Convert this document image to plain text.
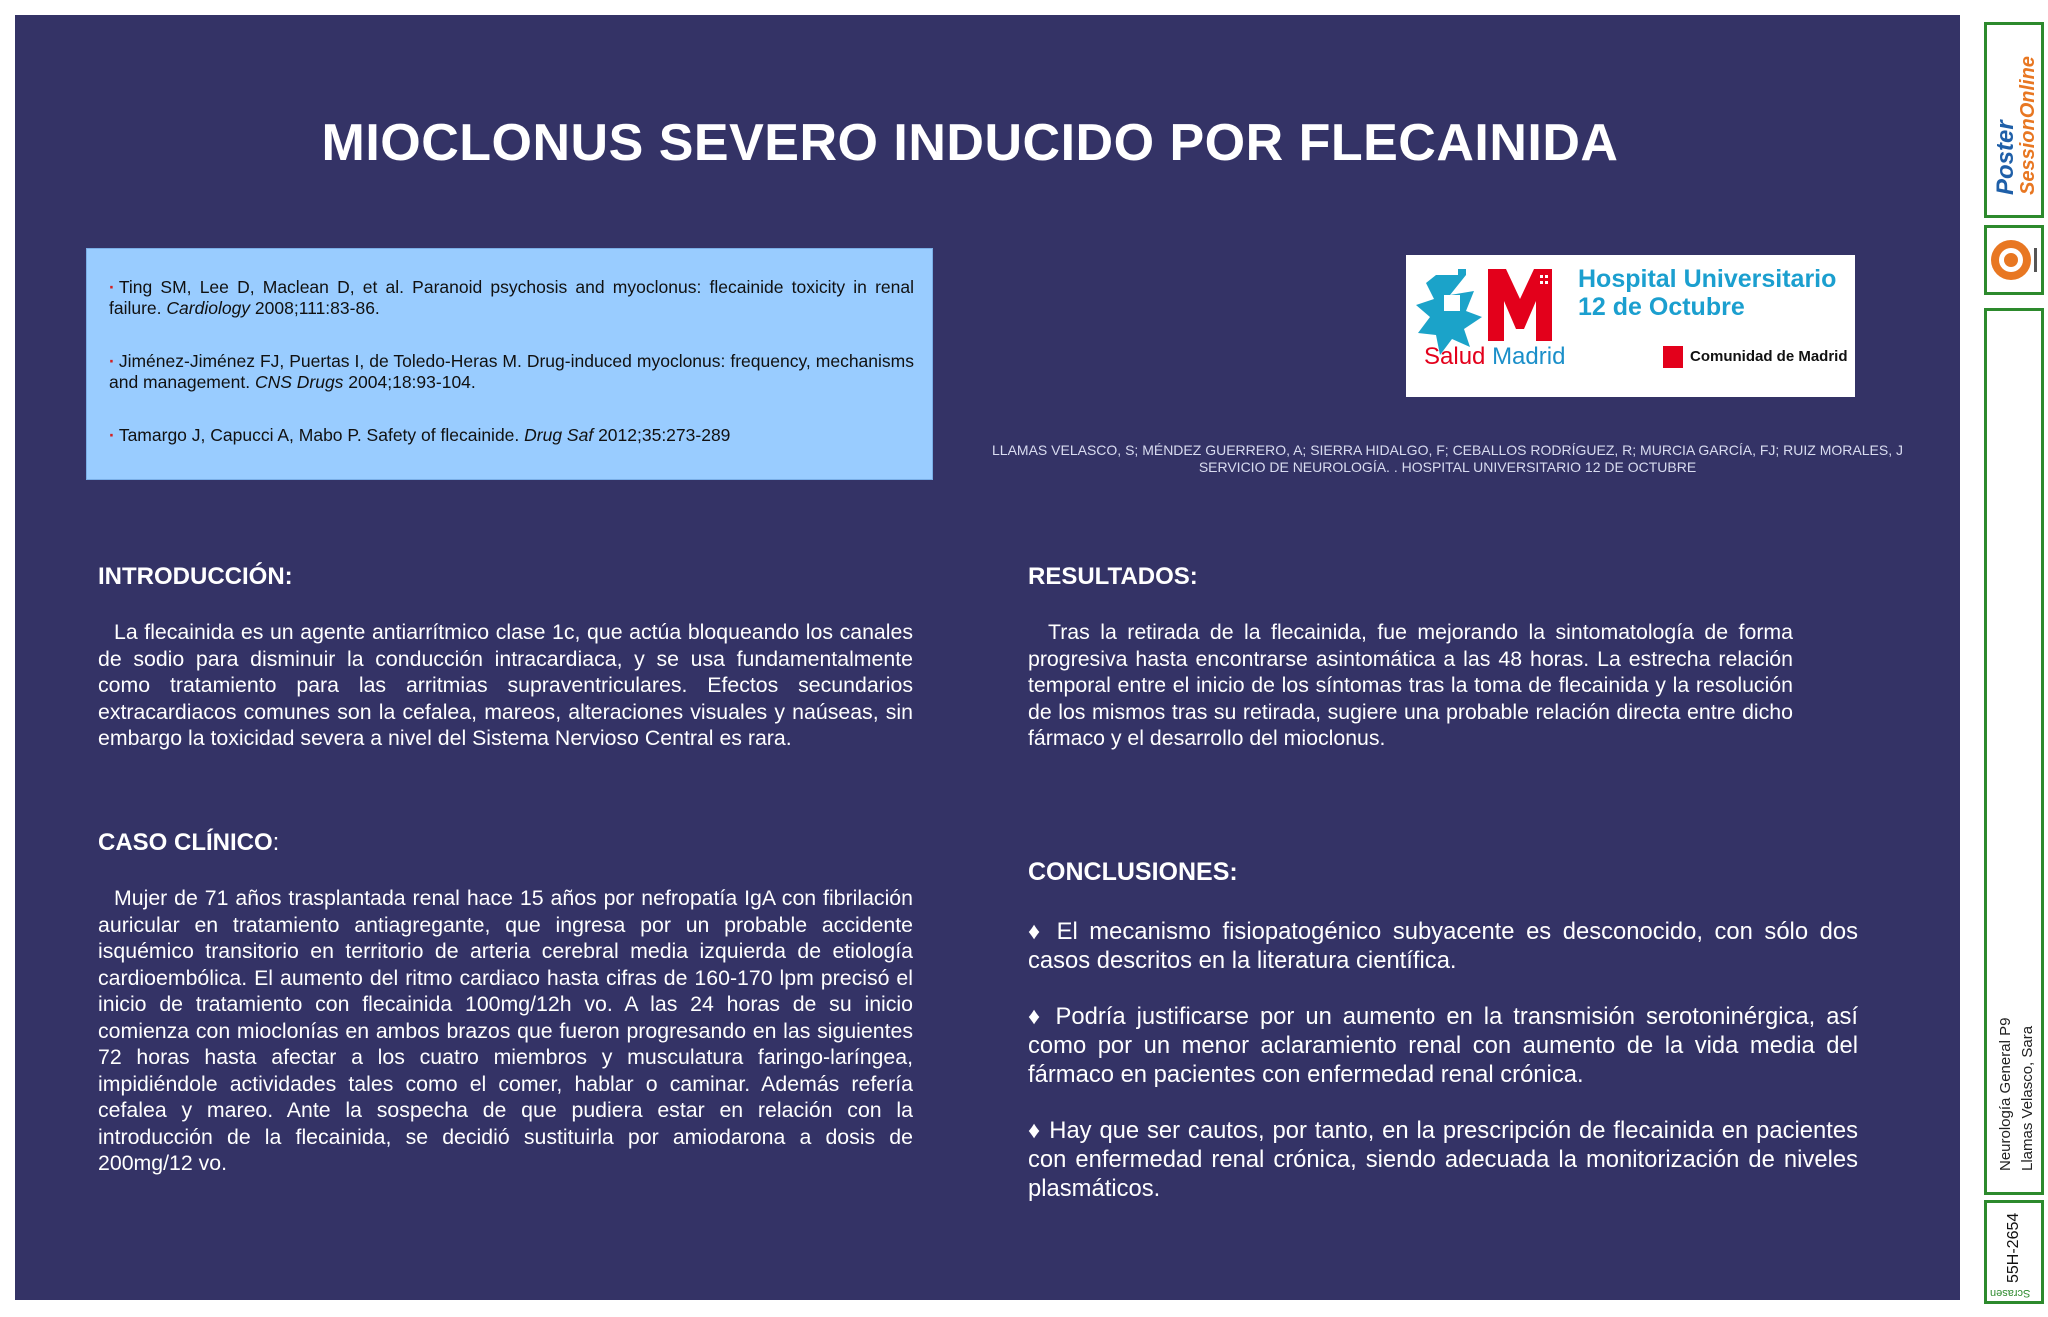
MIOCLONUS SEVERO INDUCIDO POR FLECAINIDA
· Ting SM, Lee D, Maclean D, et al. Paranoid psychosis and myoclonus: flecainide toxicity in renal failure. Cardiology 2008;111:83-86.
· Jiménez-Jiménez FJ, Puertas I, de Toledo-Heras M. Drug-induced myoclonus: frequency, mechanisms and management. CNS Drugs 2004;18:93-104.
· Tamargo J, Capucci A, Mabo P. Safety of flecainide. Drug Saf 2012;35:273-289
Salud Madrid
Hospital Universitario
12 de Octubre
Comunidad de Madrid
LLAMAS VELASCO, S; MÉNDEZ GUERRERO, A; SIERRA HIDALGO, F; CEBALLOS RODRÍGUEZ, R; MURCIA GARCÍA, FJ; RUIZ MORALES, J
SERVICIO DE NEUROLOGÍA. . HOSPITAL UNIVERSITARIO 12 DE OCTUBRE
INTRODUCCIÓN:
La flecainida es un agente antiarrítmico clase 1c, que actúa bloqueando los canales de sodio para disminuir la conducción intracardiaca, y se usa fundamentalmente como tratamiento para las arritmias supraventriculares. Efectos secundarios extracardiacos comunes son la cefalea, mareos, alteraciones visuales y naúseas, sin embargo la toxicidad severa a nivel del Sistema Nervioso Central es rara.
CASO CLÍNICO:
Mujer de 71 años trasplantada renal hace 15 años por nefropatía IgA con fibrilación auricular en tratamiento antiagregante, que ingresa por un probable accidente isquémico transitorio en territorio de arteria cerebral media izquierda de etiología cardioembólica. El aumento del ritmo cardiaco hasta cifras de 160-170 lpm precisó el inicio de tratamiento con flecainida 100mg/12h vo. A las 24 horas de su inicio comienza con mioclonías en ambos brazos que fueron progresando en las siguientes 72 horas hasta afectar a los cuatro miembros y musculatura faringo-laríngea, impidiéndole actividades tales como el comer, hablar o caminar. Además refería cefalea y mareo. Ante la sospecha de que pudiera estar en relación con la introducción de la flecainida, se decidió sustituirla por amiodarona a dosis de 200mg/12 vo.
RESULTADOS:
Tras la retirada de la flecainida, fue mejorando la sintomatología de forma progresiva hasta encontrarse asintomática a las 48 horas. La estrecha relación temporal entre el inicio de los síntomas tras la toma de flecainida y la resolución de los mismos tras su retirada, sugiere una probable relación directa entre dicho fármaco y el desarrollo del mioclonus.
CONCLUSIONES:

♦ El mecanismo fisiopatogénico subyacente es desconocido, con sólo dos casos descritos en la literatura científica.

♦ Podría justificarse por un aumento en la transmisión serotoninérgica, así como por un menor aclaramiento renal con aumento de la vida media del fármaco en pacientes con enfermedad renal crónica.

♦ Hay que ser cautos, por tanto, en la prescripción de flecainida en pacientes con enfermedad renal crónica, siendo adecuada la monitorización de niveles plasmáticos.

Poster
SessionOnline
Neurología General P9 Llamas Velasco, Sara
55H-2654
Scrasen
